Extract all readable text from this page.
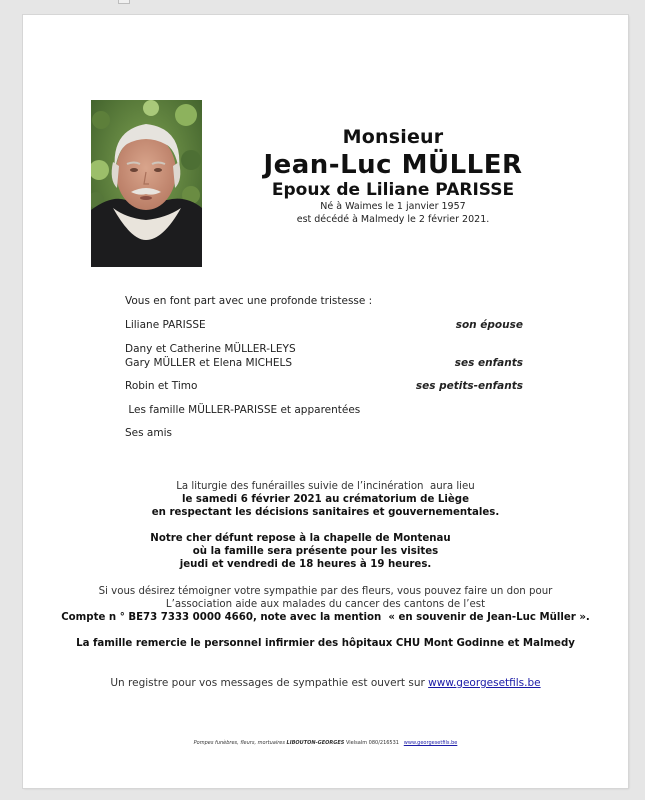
Monsieur
Jean-Luc MÜLLER
Epoux de Liliane PARISSE
Né à Waimes le 1 janvier 1957
est décédé à Malmedy le 2 février 2021.
Vous en font part avec une profonde tristesse :
Liliane PARISSE	son épouse
Dany et Catherine MÜLLER-LEYS
Gary MÜLLER et Elena MICHELS	ses enfants
Robin et Timo	ses petits-enfants
Les famille MÜLLER-PARISSE et apparentées
Ses amis
La liturgie des funérailles suivie de l’incinération  aura lieu
le samedi 6 février 2021 au crématorium de Liège
en respectant les décisions sanitaires et gouvernementales.
Notre cher défunt repose à la chapelle de Montenau
où la famille sera présente pour les visites
jeudi et vendredi de 18 heures à 19 heures.
Si vous désirez témoigner votre sympathie par des fleurs, vous pouvez faire un don pour
L’association aide aux malades du cancer des cantons de l’est
Compte n ° BE73 7333 0000 4660, note avec la mention  « en souvenir de Jean-Luc Müller ».
La famille remercie le personnel infirmier des hôpitaux CHU Mont Godinne et Malmedy
Un registre pour vos messages de sympathie est ouvert sur www.georgesetfils.be
Pompes funèbres, fleurs, mortuaires LIBOUTON-GEORGES Vielsalm 080/216531 www.georgesetfils.be
